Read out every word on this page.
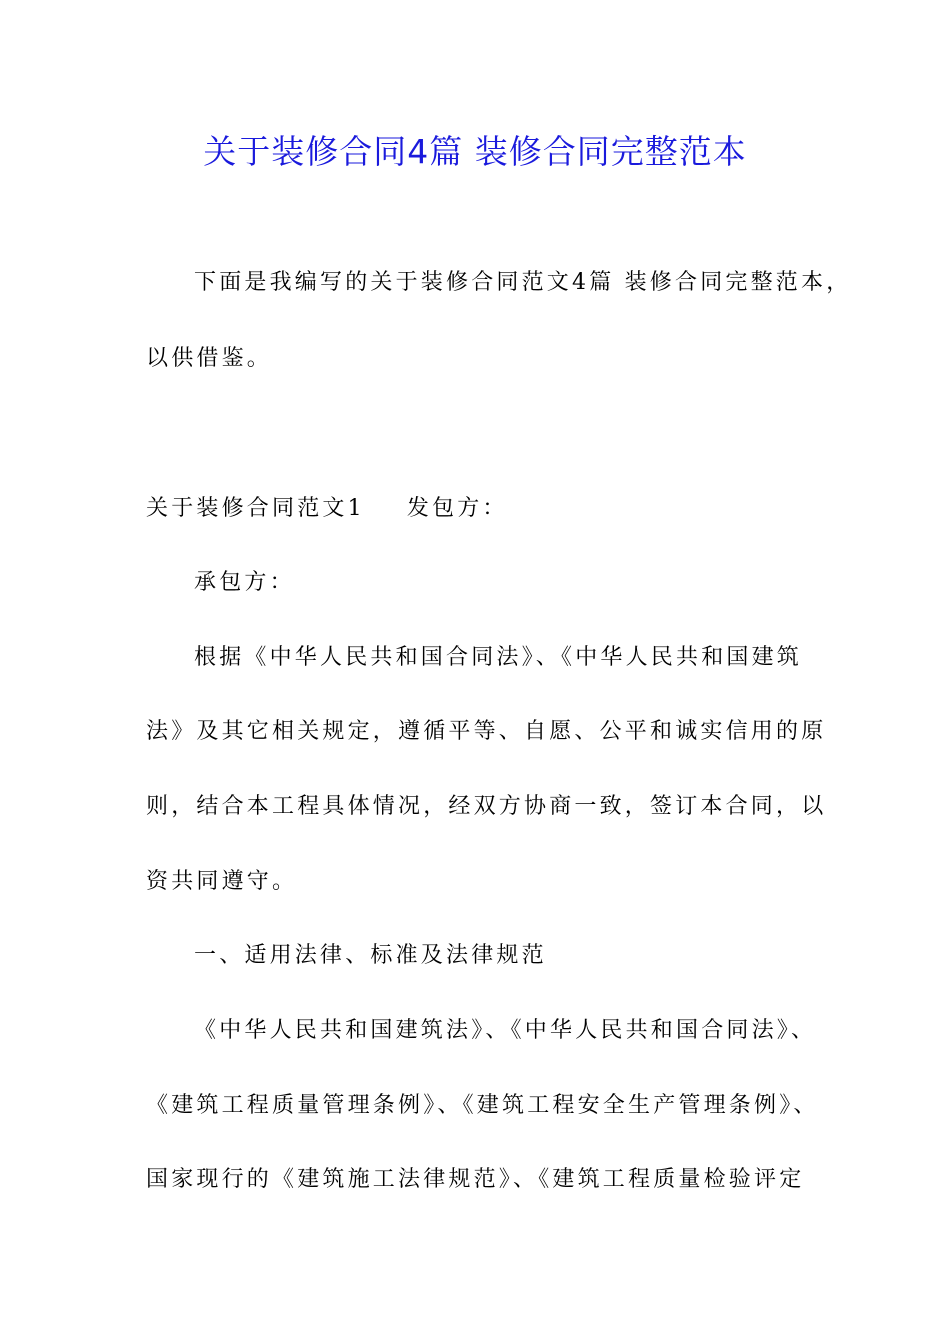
关于装修合同4篇 装修合同完整范本
下面是我编写的关于装修合同范文4篇 装修合同完整范本，
以供借鉴。
关于装修合同范文1 发包方：
承包方：
根据《中华人民共和国合同法》、《中华人民共和国建筑
法》及其它相关规定，遵循平等、自愿、公平和诚实信用的原
则，结合本工程具体情况，经双方协商一致，签订本合同，以
资共同遵守。
一、适用法律、标准及法律规范
《中华人民共和国建筑法》、《中华人民共和国合同法》、
《建筑工程质量管理条例》、《建筑工程安全生产管理条例》、
国家现行的《建筑施工法律规范》、《建筑工程质量检验评定
